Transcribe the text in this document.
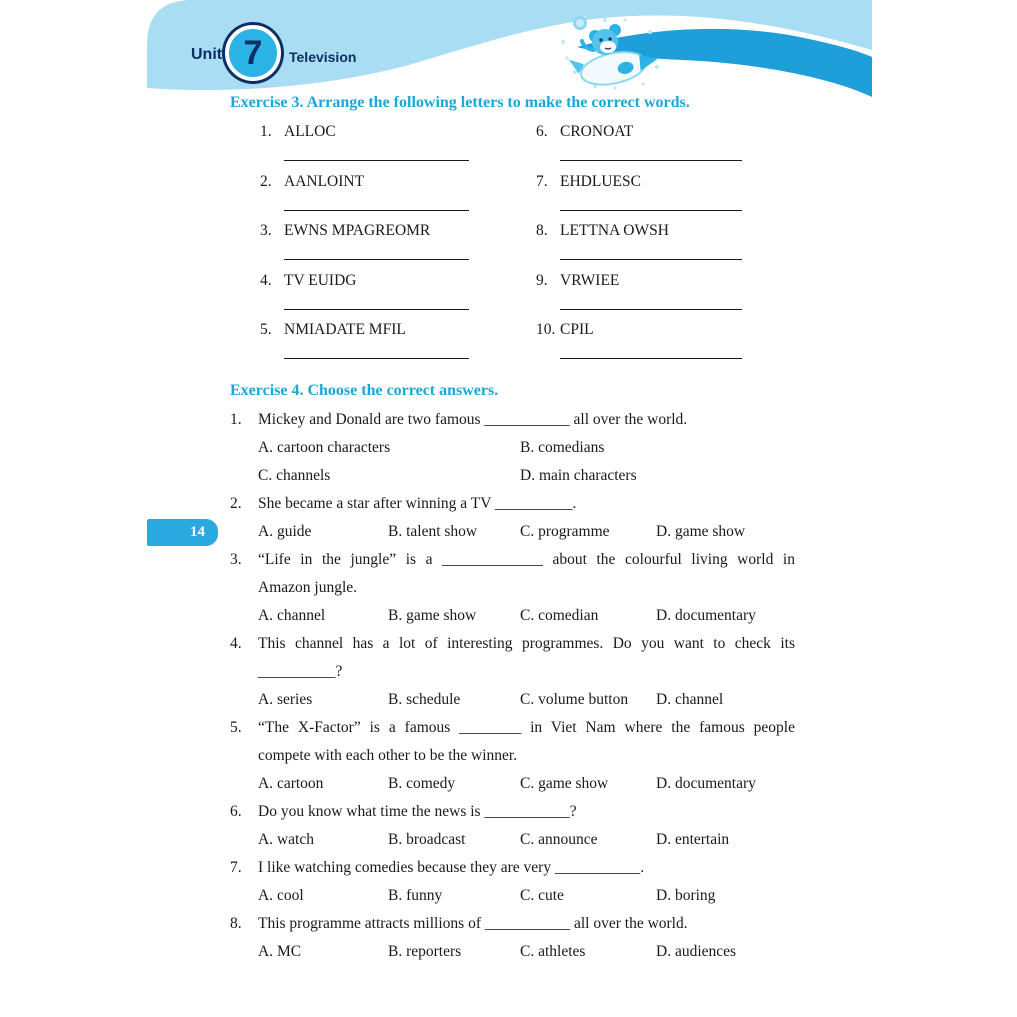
Unit 7 Television
Exercise 3. Arrange the following letters to make the correct words.
1. ALLOC	6. CRONOAT
2. AANLOINT	7. EHDLUESC
3. EWNS MPAGREOMR	8. LETTNA OWSH
4. TV EUIDG	9. VRWIEE
5. NMIADATE MFIL	10. CPIL
14
Exercise 4. Choose the correct answers.
1. Mickey and Donald are two famous ___________ all over the world.
A. cartoon characters	B. comedians
C. channels	D. main characters
2. She became a star after winning a TV __________.
A. guide	B. talent show	C. programme	D. game show
3. “Life in the jungle” is a _____________ about the colourful living world in
Amazon jungle.
A. channel	B. game show	C. comedian	D. documentary
4. This channel has a lot of interesting programmes. Do you want to check its
__________?
A. series	B. schedule	C. volume button	D. channel
5. “The X-Factor” is a famous ________ in Viet Nam where the famous people
compete with each other to be the winner.
A. cartoon	B. comedy	C. game show	D. documentary
6. Do you know what time the news is ___________?
A. watch	B. broadcast	C. announce	D. entertain
7. I like watching comedies because they are very ___________.
A. cool	B. funny	C. cute	D. boring
8. This programme attracts millions of ___________ all over the world.
A. MC	B. reporters	C. athletes	D. audiences
